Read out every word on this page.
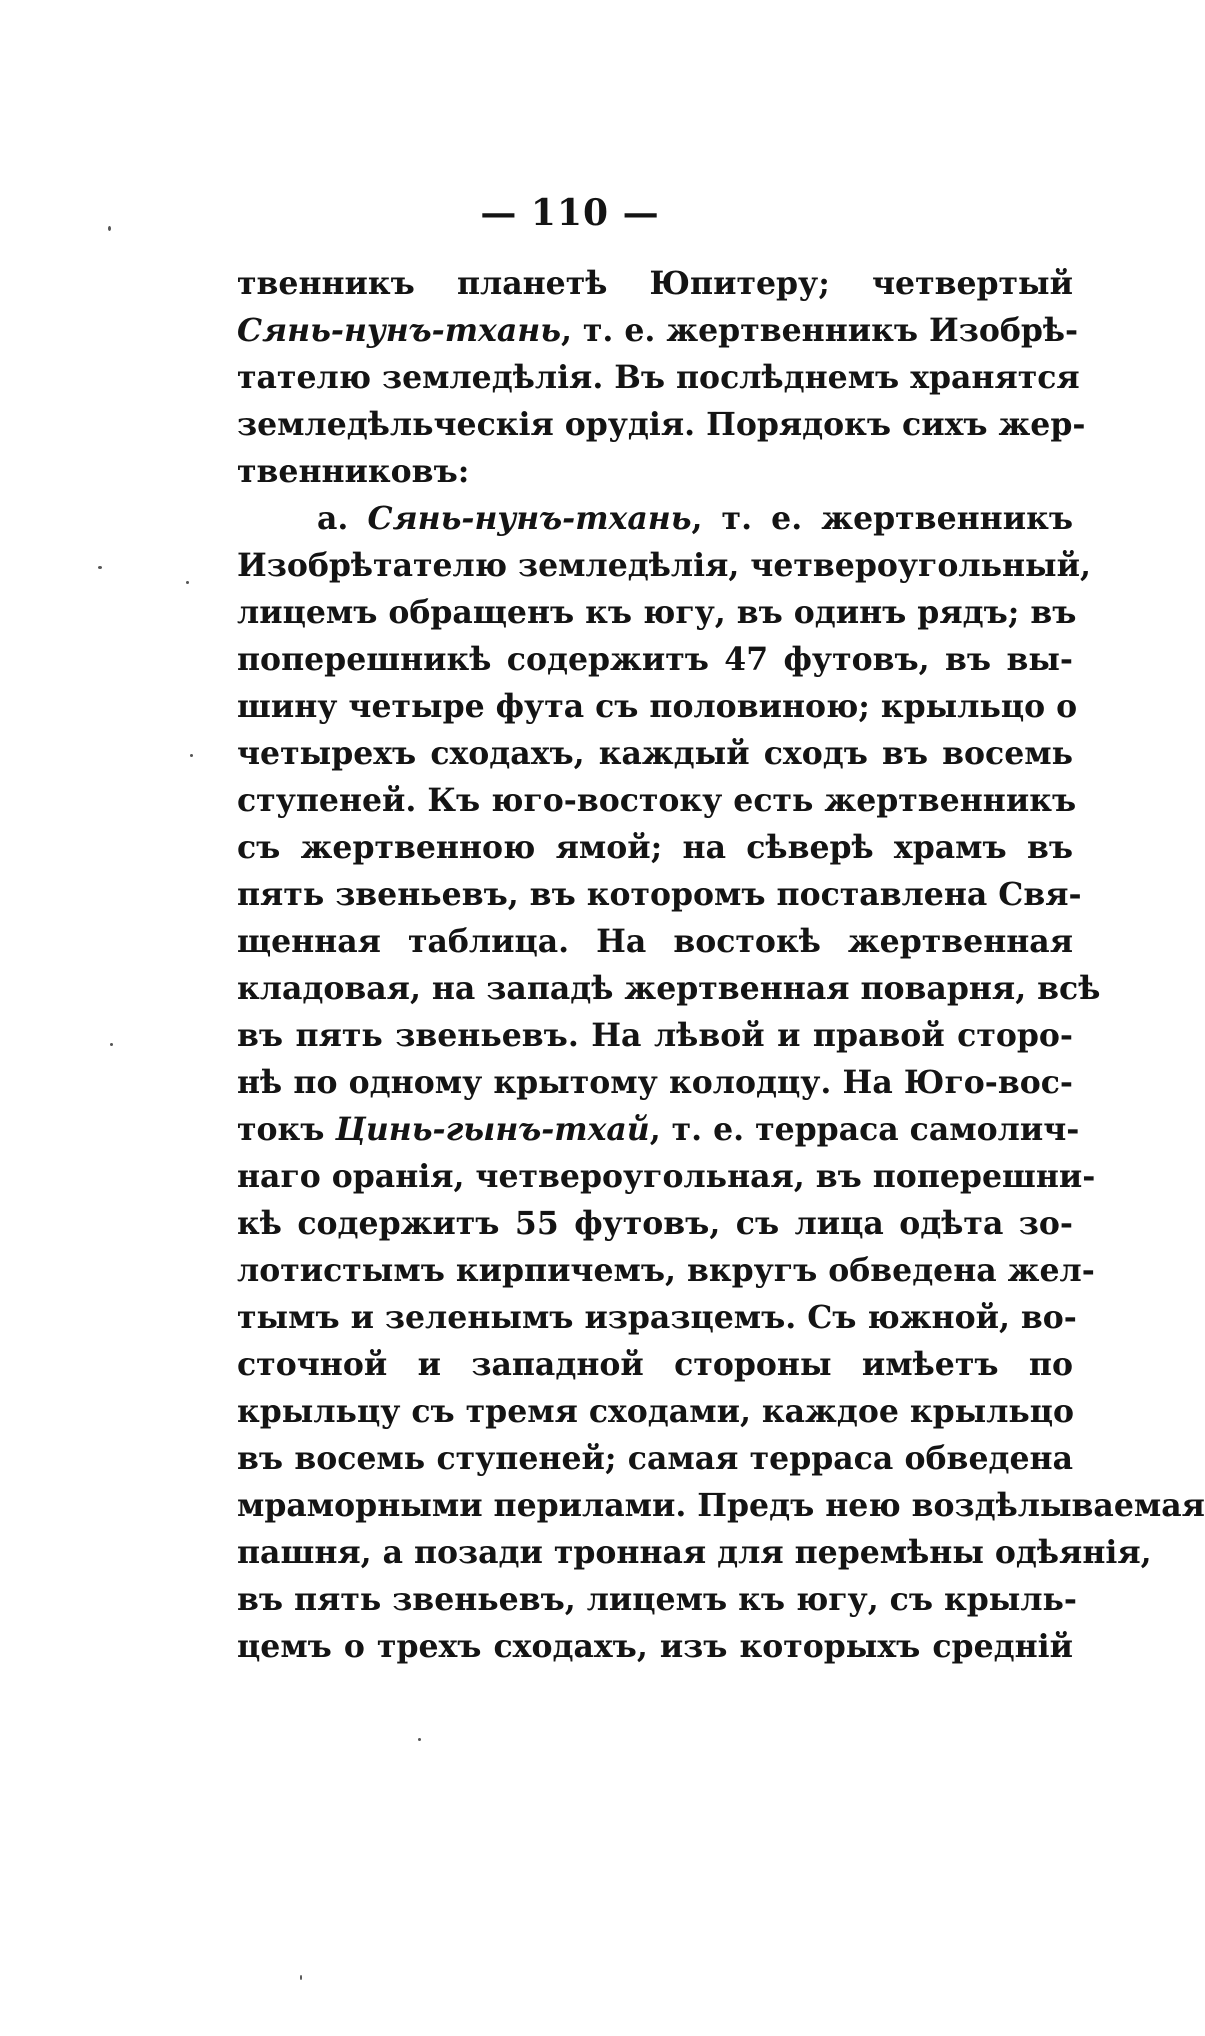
— 110 —
твенникъ планетѣ Юпитеру; четвертый
Сянь-нунъ-тхань, т. е. жертвенникъ Изобрѣ-
тателю земледѣлія. Въ послѣднемъ хранятся
земледѣльческія орудія. Порядокъ сихъ жер-
твенниковъ:
а. Сянь-нунъ-тхань, т. е. жертвенникъ
Изобрѣтателю земледѣлія, четвероугольный,
лицемъ обращенъ къ югу, въ одинъ рядъ; въ
поперешникѣ содержитъ 47 футовъ, въ вы-
шину четыре фута съ половиною; крыльцо о
четырехъ сходахъ, каждый сходъ въ восемь
ступеней. Къ юго-востоку есть жертвенникъ
съ жертвенною ямой; на сѣверѣ храмъ въ
пять звеньевъ, въ которомъ поставлена Свя-
щенная таблица. На востокѣ жертвенная
кладовая, на западѣ жертвенная поварня, всѣ
въ пять звеньевъ. На лѣвой и правой сторо-
нѣ по одному крытому колодцу. На Юго-вос-
токъ Цинь-гынъ-тхай, т. е. терраса самолич-
наго оранія, четвероугольная, въ поперешни-
кѣ содержитъ 55 футовъ, съ лица одѣта зо-
лотистымъ кирпичемъ, вкругъ обведена жел-
тымъ и зеленымъ изразцемъ. Съ южной, во-
сточной и западной стороны имѣетъ по
крыльцу съ тремя сходами, каждое крыльцо
въ восемь ступеней; самая терраса обведена
мраморными перилами. Предъ нею воздѣлываемая
пашня, а позади тронная для перемѣны одѣянія,
въ пять звеньевъ, лицемъ къ югу, съ крыль-
цемъ о трехъ сходахъ, изъ которыхъ средній
